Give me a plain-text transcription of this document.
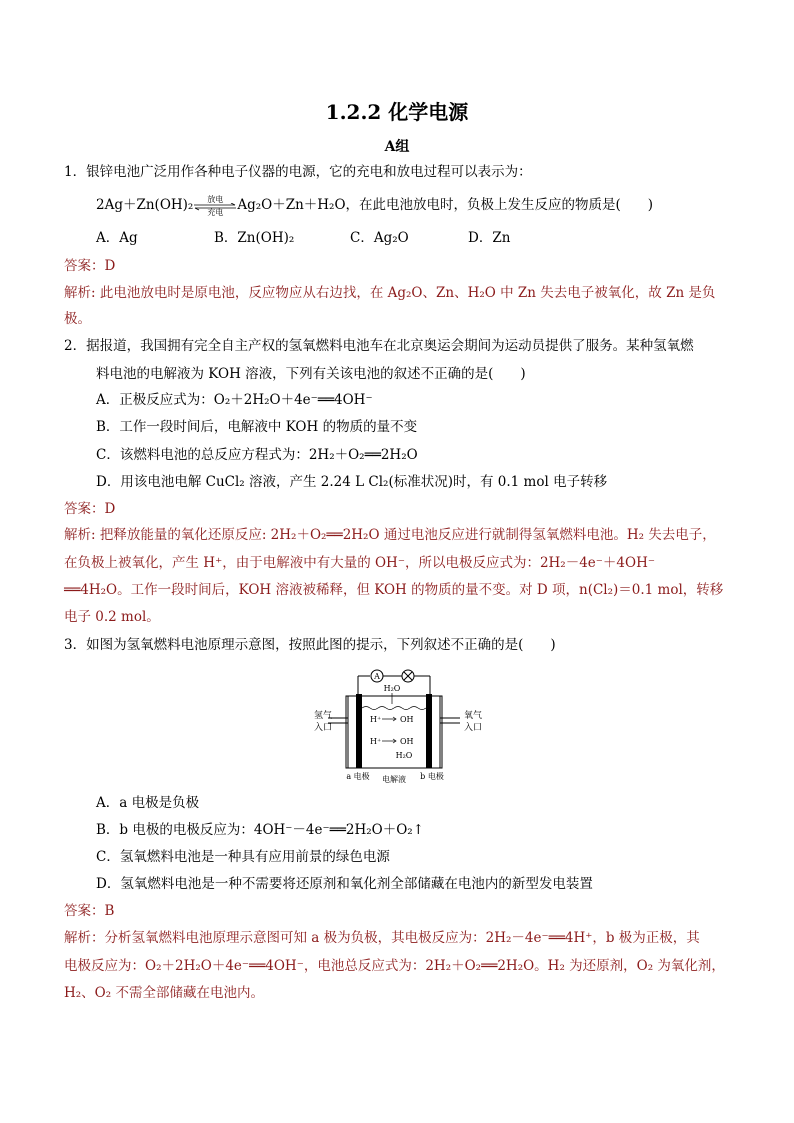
1.2.2 化学电源
A组
1．银锌电池广泛用作各种电子仪器的电源，它的充电和放电过程可以表示为：
2Ag＋Zn(OH)₂	放电
充电	Ag₂O＋Zn＋H₂O，在此电池放电时，负极上发生反应的物质是(　　)
A．Ag	B．Zn(OH)₂	C．Ag₂O	D．Zn
答案：D
解析: 此电池放电时是原电池，反应物应从右边找，在 Ag₂O、Zn、H₂O 中 Zn 失去电子被氧化，故 Zn 是负
极。
2．据报道，我国拥有完全自主产权的氢氧燃料电池车在北京奥运会期间为运动员提供了服务。某种氢氧燃
料电池的电解液为 KOH 溶液，下列有关该电池的叙述不正确的是(　　)
A．正极反应式为：O₂＋2H₂O＋4e⁻══4OH⁻
B．工作一段时间后，电解液中 KOH 的物质的量不变
C．该燃料电池的总反应方程式为：2H₂＋O₂══2H₂O
D．用该电池电解 CuCl₂ 溶液，产生 2.24 L Cl₂(标准状况)时，有 0.1 mol 电子转移
答案：D
解析: 把释放能量的氧化还原反应: 2H₂＋O₂══2H₂O 通过电池反应进行就制得氢氧燃料电池。H₂ 失去电子，
在负极上被氧化，产生 H⁺，由于电解液中有大量的 OH⁻，所以电极反应式为：2H₂－4e⁻＋4OH⁻
══4H₂O。工作一段时间后，KOH 溶液被稀释，但 KOH 的物质的量不变。对 D 项，n(Cl₂)＝0.1 mol，转移
电子 0.2 mol。
3．如图为氢氧燃料电池原理示意图，按照此图的提示，下列叙述不正确的是(　　)
A
氢气
入口
氧气
入口
H₂O
H⁺ OH
H⁺ OH
H₂O
a 电极 电解液 b 电极
A．a 电极是负极
B．b 电极的电极反应为：4OH⁻－4e⁻══2H₂O＋O₂↑
C．氢氧燃料电池是一种具有应用前景的绿色电源
D．氢氧燃料电池是一种不需要将还原剂和氧化剂全部储藏在电池内的新型发电装置
答案：B
解析：分析氢氧燃料电池原理示意图可知 a 极为负极，其电极反应为：2H₂－4e⁻══4H⁺，b 极为正极，其
电极反应为：O₂＋2H₂O＋4e⁻══4OH⁻，电池总反应式为：2H₂＋O₂══2H₂O。H₂ 为还原剂，O₂ 为氧化剂，
H₂、O₂ 不需全部储藏在电池内。
